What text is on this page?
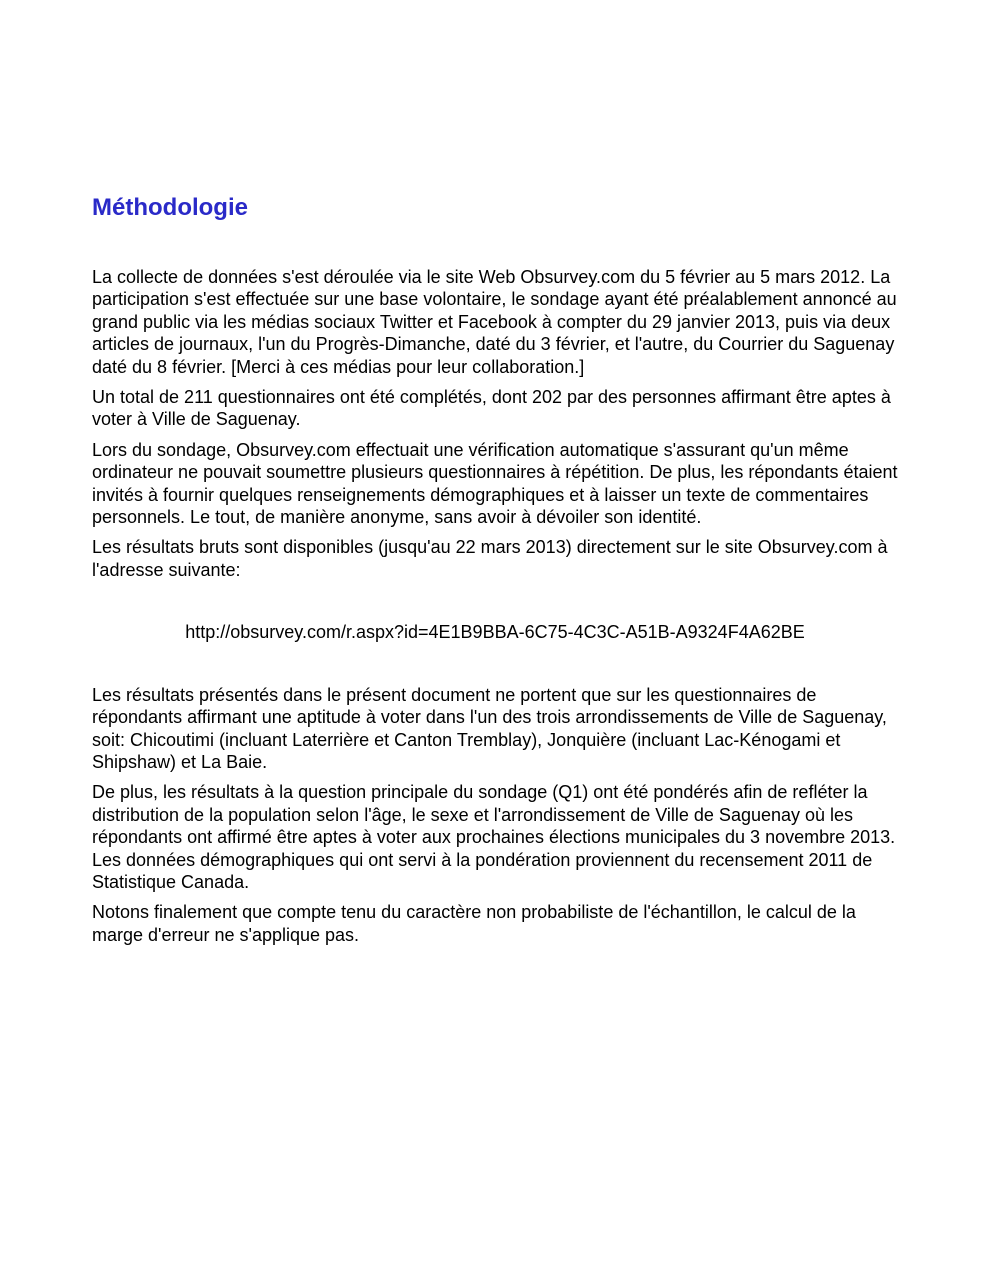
Méthodologie

La collecte de données s'est déroulée via le site Web Obsurvey.com du 5 février au 5 mars 2012. La participation s'est effectuée sur une base volontaire, le sondage ayant été préalablement annoncé au grand public via les médias sociaux Twitter et Facebook à compter du 29 janvier 2013, puis via deux articles de journaux, l'un du Progrès-Dimanche, daté du 3 février, et l'autre, du Courrier du Saguenay daté du 8 février. [Merci à ces médias pour leur collaboration.]

Un total de 211 questionnaires ont été complétés, dont 202 par des personnes affirmant être aptes à voter à Ville de Saguenay.

Lors du sondage, Obsurvey.com effectuait une vérification automatique s'assurant qu'un même ordinateur ne pouvait soumettre plusieurs questionnaires à répétition. De plus, les répondants étaient invités à fournir quelques renseignements démographiques et à laisser un texte de commentaires personnels. Le tout, de manière anonyme, sans avoir à dévoiler son identité.

Les résultats bruts sont disponibles (jusqu'au 22 mars 2013) directement sur le site Obsurvey.com à l'adresse suivante:

http://obsurvey.com/r.aspx?id=4E1B9BBA-6C75-4C3C-A51B-A9324F4A62BE

Les résultats présentés dans le présent document ne portent que sur les questionnaires de répondants affirmant une aptitude à voter dans l'un des trois arrondissements de Ville de Saguenay, soit: Chicoutimi (incluant Laterrière et Canton Tremblay), Jonquière (incluant Lac-Kénogami et Shipshaw) et La Baie.

De plus, les résultats à la question principale du sondage (Q1) ont été pondérés afin de refléter la distribution de la population selon l'âge, le sexe et l'arrondissement de Ville de Saguenay où les répondants ont affirmé être aptes à voter aux prochaines élections municipales du 3 novembre 2013. Les données démographiques qui ont servi à la pondération proviennent du recensement 2011 de Statistique Canada.

Notons finalement que compte tenu du caractère non probabiliste de l'échantillon, le calcul de la marge d'erreur ne s'applique pas.
